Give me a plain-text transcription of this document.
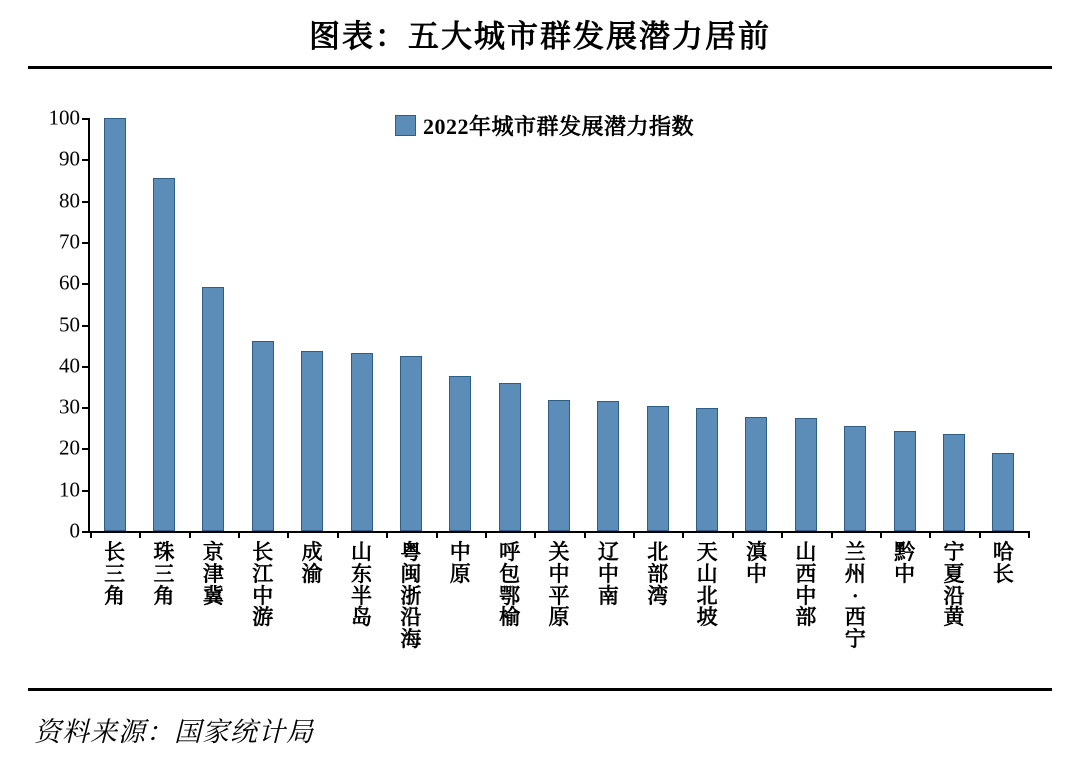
图表：五大城市群发展潜力居前
2022年城市群发展潜力指数
0
10
20
30
40
50
60
70
80
90
100
长三角
珠三角
京津冀
长江中游
成渝
山东半岛
粤闽浙沿海
中原
呼包鄂榆
关中平原
辽中南
北部湾
天山北坡
滇中
山西中部
兰州·西宁
黔中
宁夏沿黄
哈长
资料来源：国家统计局
